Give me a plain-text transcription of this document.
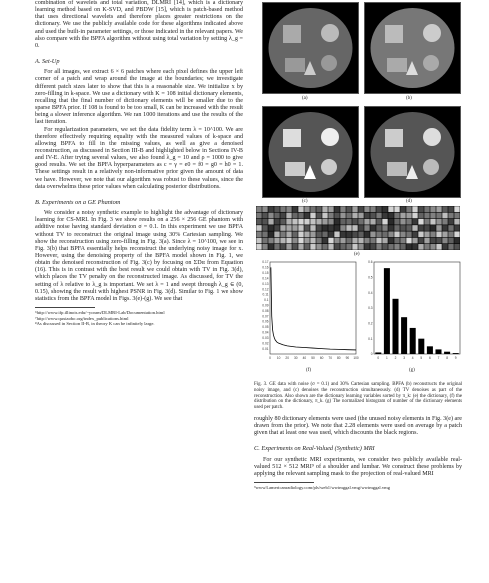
combination of wavelets and total variation, DLMRI [14], which is a dictionary learning method based on K-SVD, and PBDW [15], which is patch-based method that uses directional wavelets and therefore places greater restrictions on the dictionary. We use the publicly available code for these algorithms indicated above and used the built-in parameter settings, or those indicated in the relevant papers. We also compare with the BPFA algorithm without using total variation by setting λ_g = 0.

A. Set-Up

For all images, we extract 6 × 6 patches where each pixel defines the upper left corner of a patch and wrap around the image at the boundaries; we investigate different patch sizes later to show that this is a reasonable size. We initialize x by zero-filling in k-space. We use a dictionary with K = 108 initial dictionary elements, recalling that the final number of dictionary elements will be smaller due to the sparse BPFA prior. If 108 is found to be too small, K can be increased with the result being a slower inference algorithm. We ran 1000 iterations and use the results of the last iteration.

For regularization parameters, we set the data fidelity term λ = 10^100. We are therefore effectively requiring equality with the measured values of k-space and allowing BPFA to fill in the missing values, as well as give a denoised reconstruction, as discussed in Section III-B and highlighted below in Sections IV-B and IV-E. After trying several values, we also found λ_g = 10 and ρ = 1000 to give good results. We set the BPFA hyperparameters as c = γ = e0 = f0 = g0 = h0 = 1. These settings result in a relatively non-informative prior given the amount of data we have. However, we note that our algorithm was robust to these values, since the data overwhelms these prior values when calculating posterior distributions.

B. Experiments on a GE Phantom

We consider a noisy synthetic example to highlight the advantage of dictionary learning for CS-MRI. In Fig. 3 we show results on a 256 × 256 GE phantom with additive noise having standard deviation σ = 0.1. In this experiment we use BPFA without TV to reconstruct the original image using 30% Cartesian sampling. We show the reconstruction using zero-filling in Fig. 3(a). Since λ = 10^100, we see in Fig. 3(b) that BPFA essentially helps reconstruct the underlying noisy image for x. However, using the denoising property of the BPFA model shown in Fig. 1, we obtain the denoised reconstruction of Fig. 3(c) by focusing on ΣDα from Equation (16). This is in contrast with the best result we could obtain with TV in Fig. 3(d), which places the TV penalty on the reconstructed image. As discussed, for TV the setting of λ relative to λ_g is important. We set λ = 1 and swept through λ_g ∈ (0, 0.15), showing the result with highest PSNR in Fig. 3(d). Similar to Fig. 1 we show statistics from the BPFA model in Figs. 3(e)-(g). We see that

⁶http://www.ifp.illinois.edu/~yoram/DLMRI-Lab/Documentation.html

⁷http://www.quxiaobo.org/index_publications.html

⁸As discussed in Section II-B, in theory K can be infinitely large.

(a)	(b)
(c)	(d)
(e)
0.17
0.16
0.15
0.14
0.13
0.12
0.11
0.1
0.09
0.08
0.07
0.06
0.05
0.04
0.03
0.02
0.01
0 10 20 30 40 50 60 70 80 90 100
(f)
0.6
0.5
0.4
0.3
0.2
0.1
0
0 1 2 3 4 5 6 7 8 9
(g)

Fig. 3. GE data with noise (σ = 0.1) and 30% Cartesian sampling. BPFA (b) reconstructs the original noisy image, and (c) denoises the reconstruction simultaneously. (d) TV denoises as part of the reconstruction. Also shown are the dictionary learning variables sorted by π_k: (e) the dictionary, (f) the distribution on the dictionary, π_k. (g) The normalized histogram of number of the dictionary elements used per patch.

roughly 80 dictionary elements were used (the unused noisy elements in Fig. 3(e) are drawn from the prior). We note that 2.28 elements were used on average by a patch given that at least one was used, which discounts the black regions.

C. Experiments on Real-Valued (Synthetic) MRI

For our synthetic MRI experiments, we consider two publicly available real-valued 512 × 512 MRI⁹ of a shoulder and lumbar. We construct these problems by applying the relevant sampling mask to the projection of real-valued MRI

⁹www3.americanradiology.com/pls/web1/wwimggal.vmg/wwimggal.vmg
